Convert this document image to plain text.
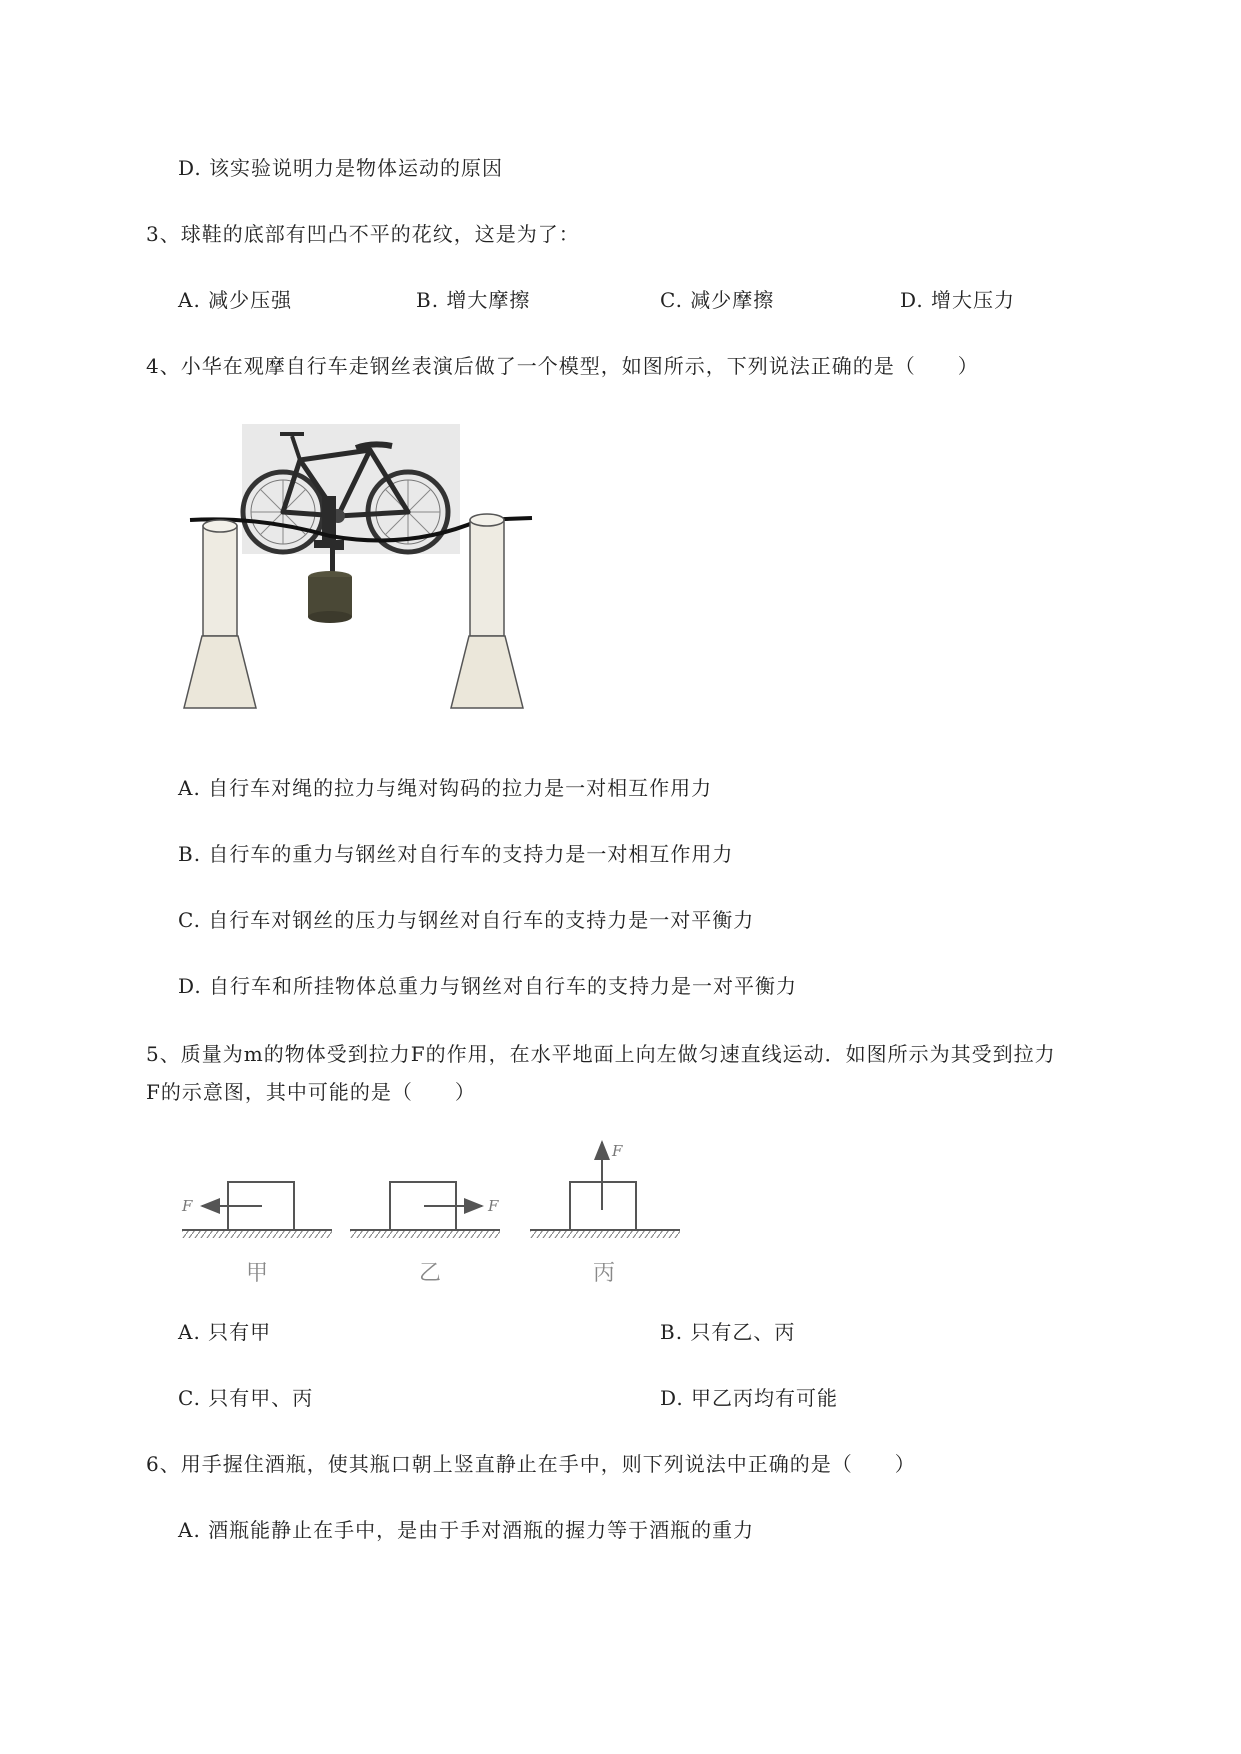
D. 该实验说明力是物体运动的原因
3、球鞋的底部有凹凸不平的花纹，这是为了：
A. 减少压强	B. 增大摩擦	C. 减少摩擦	D. 增大压力
4、小华在观摩自行车走钢丝表演后做了一个模型，如图所示，下列说法正确的是（　　）
A. 自行车对绳的拉力与绳对钩码的拉力是一对相互作用力
B. 自行车的重力与钢丝对自行车的支持力是一对相互作用力
C. 自行车对钢丝的压力与钢丝对自行车的支持力是一对平衡力
D. 自行车和所挂物体总重力与钢丝对自行车的支持力是一对平衡力
5、质量为m的物体受到拉力F的作用，在水平地面上向左做匀速直线运动．如图所示为其受到拉力
F的示意图，其中可能的是（　　）
F
甲
F
乙
F
丙
A. 只有甲	B. 只有乙、丙
C. 只有甲、丙	D. 甲乙丙均有可能
6、用手握住酒瓶，使其瓶口朝上竖直静止在手中，则下列说法中正确的是（　　）
A. 酒瓶能静止在手中，是由于手对酒瓶的握力等于酒瓶的重力
